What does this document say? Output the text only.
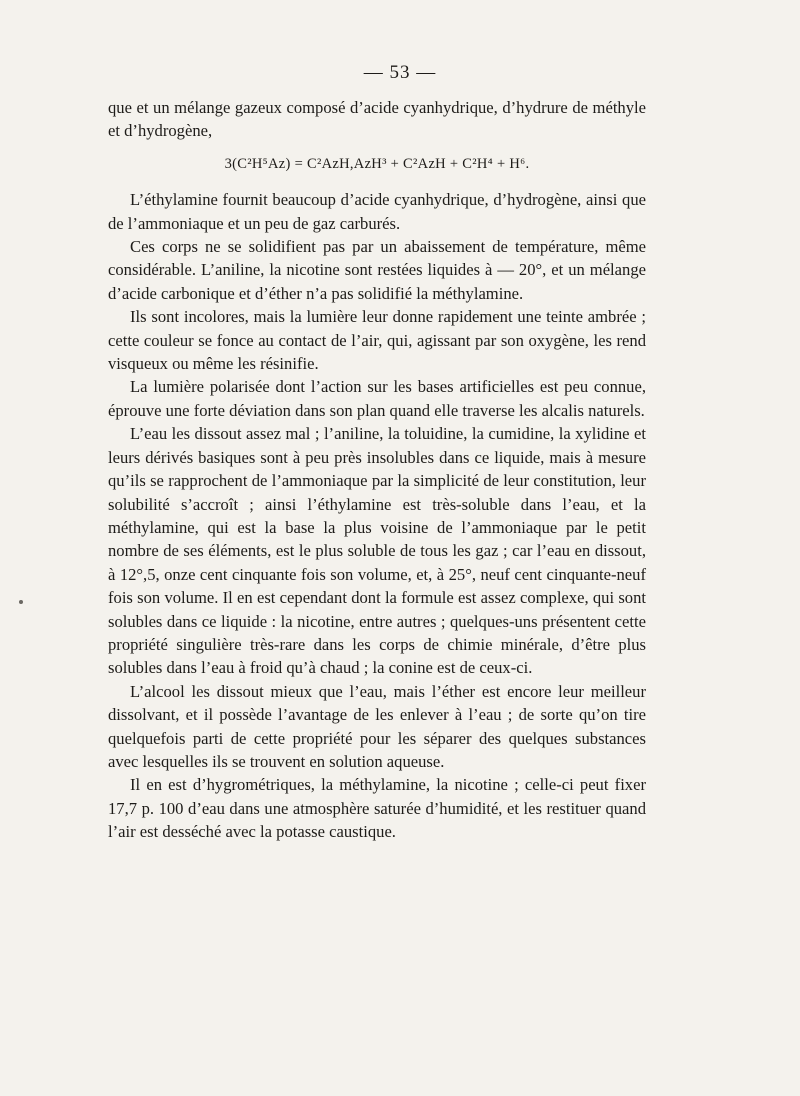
— 53 —

que et un mélange gazeux composé d’acide cyanhydrique, d’hydrure de méthyle et d’hydrogène,

3(C²H⁵Az) = C²AzH,AzH³ + C²AzH + C²H⁴ + H⁶.

L’éthylamine fournit beaucoup d’acide cyanhydrique, d’hydrogène, ainsi que de l’ammoniaque et un peu de gaz carburés.

Ces corps ne se solidifient pas par un abaissement de température, même considérable. L’aniline, la nicotine sont restées liquides à — 20°, et un mélange d’acide carbonique et d’éther n’a pas solidifié la méthylamine.

Ils sont incolores, mais la lumière leur donne rapidement une teinte ambrée ; cette couleur se fonce au contact de l’air, qui, agissant par son oxygène, les rend visqueux ou même les résinifie.

La lumière polarisée dont l’action sur les bases artificielles est peu connue, éprouve une forte déviation dans son plan quand elle traverse les alcalis naturels.

L’eau les dissout assez mal ; l’aniline, la toluidine, la cumidine, la xylidine et leurs dérivés basiques sont à peu près insolubles dans ce liquide, mais à mesure qu’ils se rapprochent de l’ammoniaque par la simplicité de leur constitution, leur solubilité s’accroît ; ainsi l’éthylamine est très-soluble dans l’eau, et la méthylamine, qui est la base la plus voisine de l’ammoniaque par le petit nombre de ses éléments, est le plus soluble de tous les gaz ; car l’eau en dissout, à 12°,5, onze cent cinquante fois son volume, et, à 25°, neuf cent cinquante-neuf fois son volume. Il en est cependant dont la formule est assez complexe, qui sont solubles dans ce liquide : la nicotine, entre autres ; quelques-uns présentent cette propriété singulière très-rare dans les corps de chimie minérale, d’être plus solubles dans l’eau à froid qu’à chaud ; la conine est de ceux-ci.

L’alcool les dissout mieux que l’eau, mais l’éther est encore leur meilleur dissolvant, et il possède l’avantage de les enlever à l’eau ; de sorte qu’on tire quelquefois parti de cette propriété pour les séparer des quelques substances avec lesquelles ils se trouvent en solution aqueuse.

Il en est d’hygrométriques, la méthylamine, la nicotine ; celle-ci peut fixer 17,7 p. 100 d’eau dans une atmosphère saturée d’humidité, et les restituer quand l’air est desséché avec la potasse caustique.
